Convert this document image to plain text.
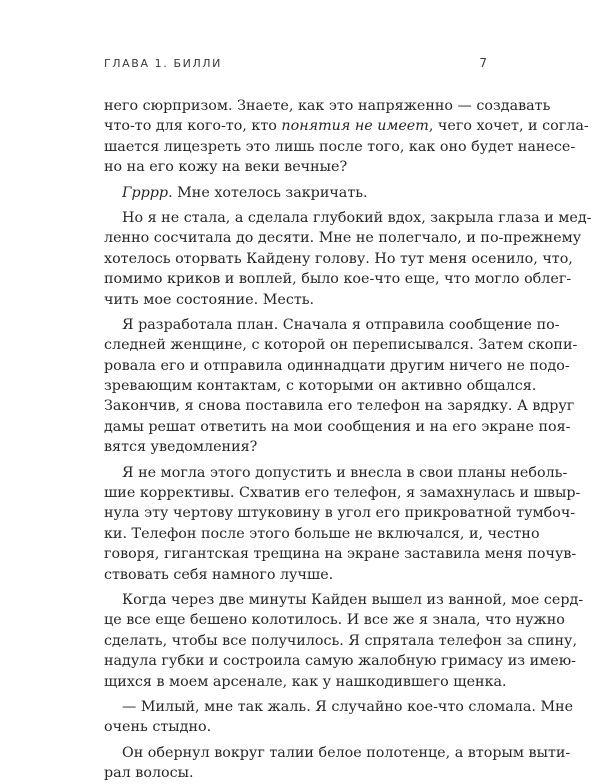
ГЛАВА 1. БИЛЛИ	7
него сюрпризом. Знаете, как это напряженно — создавать
что-то для кого-то, кто понятия не имеет, чего хочет, и согла-
шается лицезреть это лишь после того, как оно будет нанесе-
но на его кожу на веки вечные?
Грррр. Мне хотелось закричать.
Но я не стала, а сделала глубокий вдох, закрыла глаза и мед-
ленно сосчитала до десяти. Мне не полегчало, и по-прежнему
хотелось оторвать Кайдену голову. Но тут меня осенило, что,
помимо криков и воплей, было кое-что еще, что могло облег-
чить мое состояние. Месть.
Я разработала план. Сначала я отправила сообщение по-
следней женщине, с которой он переписывался. Затем скопи-
ровала его и отправила одиннадцати другим ничего не подо-
зревающим контактам, с которыми он активно общался.
Закончив, я снова поставила его телефон на зарядку. А вдруг
дамы решат ответить на мои сообщения и на его экране поя-
вятся уведомления?
Я не могла этого допустить и внесла в свои планы неболь-
шие коррективы. Схватив его телефон, я замахнулась и швыр-
нула эту чертову штуковину в угол его прикроватной тумбоч-
ки. Телефон после этого больше не включался, и, честно
говоря, гигантская трещина на экране заставила меня почув-
ствовать себя намного лучше.
Когда через две минуты Кайден вышел из ванной, мое серд-
це все еще бешено колотилось. И все же я знала, что нужно
сделать, чтобы все получилось. Я спрятала телефон за спину,
надула губки и состроила самую жалобную гримасу из имею-
щихся в моем арсенале, как у нашкодившего щенка.
— Милый, мне так жаль. Я случайно кое-что сломала. Мне
очень стыдно.
Он обернул вокруг талии белое полотенце, а вторым выти-
рал волосы.
